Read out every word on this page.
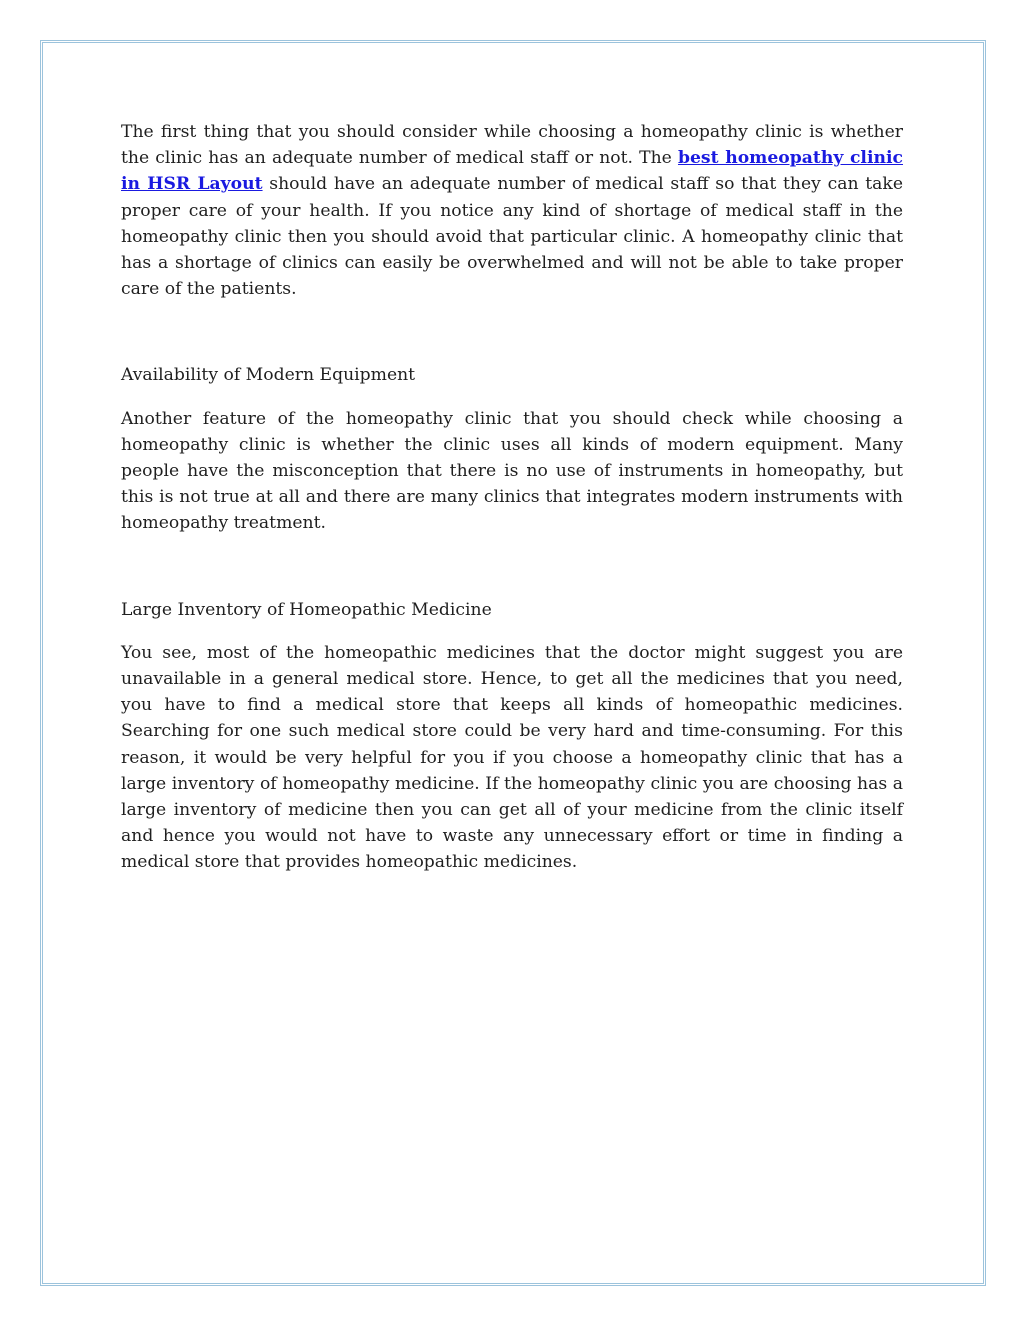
The first thing that you should consider while choosing a homeopathy clinic is whether the clinic has an adequate number of medical staff or not. The best homeopathy clinic in HSR Layout should have an adequate number of medical staff so that they can take proper care of your health. If you notice any kind of shortage of medical staff in the homeopathy clinic then you should avoid that particular clinic. A homeopathy clinic that has a shortage of clinics can easily be overwhelmed and will not be able to take proper care of the patients.

Availability of Modern Equipment

Another feature of the homeopathy clinic that you should check while choosing a homeopathy clinic is whether the clinic uses all kinds of modern equipment. Many people have the misconception that there is no use of instruments in homeopathy, but this is not true at all and there are many clinics that integrates modern instruments with homeopathy treatment.

Large Inventory of Homeopathic Medicine

You see, most of the homeopathic medicines that the doctor might suggest you are unavailable in a general medical store. Hence, to get all the medicines that you need, you have to find a medical store that keeps all kinds of homeopathic medicines. Searching for one such medical store could be very hard and time-consuming. For this reason, it would be very helpful for you if you choose a homeopathy clinic that has a large inventory of homeopathy medicine. If the homeopathy clinic you are choosing has a large inventory of medicine then you can get all of your medicine from the clinic itself and hence you would not have to waste any unnecessary effort or time in finding a medical store that provides homeopathic medicines.
